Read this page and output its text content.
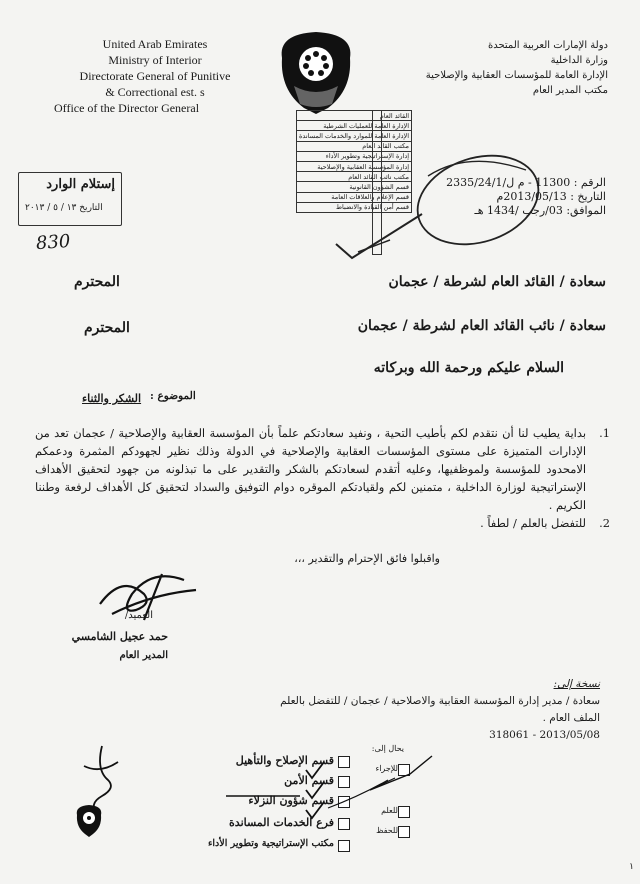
United Arab Emirates
Ministry of Interior
Directorate General of Punitive
& Correctional est. s
Office of the Director General
دولة الإمارات العربية المتحدة
وزارة الداخلية
الإدارة العامة للمؤسسات العقابية والإصلاحية
مكتب المدير العام
القائد العام
الإدارة العامة للعمليات الشرطية
الإدارة العامة للموارد والخدمات المساندة
مكتب القائد العام
إدارة الإستراتيجية وتطوير الأداء
إدارة المؤسسة العقابية والإصلاحية
مكتب نائب القائد العام
قسم الشؤون القانونية
قسم الإعلام والعلاقات العامة
قسم أمن القيادة والانضباط
إستلام الوارد
التاريخ ١٣ / ٥ / ٢٠١٣
830
الرقم : 11300 - م ل/2335/24/1
التاريخ : 2013/05/13م
الموافق: 03/رجب /1434 هـ
سعادة / القائد العام لشرطة / عجمان
المحترم
سعادة / نائب القائد العام لشرطة / عجمان
المحترم
السلام عليكم ورحمة الله وبركاته
الموضوع :
الشكر والثناء
1.
بداية يطيب لنا أن نتقدم لكم بأطيب التحية ، ونفيد سعادتكم علماً بأن المؤسسة العقابية والإصلاحية / عجمان تعد من الإدارات المتميزة على مستوى المؤسسات العقابية والإصلاحية في الدولة وذلك نظير لجهودكم المثمرة ودعمكم الامحدود للمؤسسة ولموظفيها، وعليه أتقدم لسعادتكم بالشكر والتقدير على ما تبذلونه من جهود لتحقيق الأهداف الإستراتيجية لوزارة الداخلية ، متمنين لكم ولقيادتكم الموقره دوام التوفيق والسداد لتحقيق كل الأهداف لرفعة وطننا الكريم .
2.
للتفضل بالعلم / لطفاً .
واقبلوا فائق الإحترام والتقدير ،،،
العميد/
حمد عجيل الشامسي
المدير العام
نسخة إلى:
سعادة / مدير إدارة المؤسسة العقابية والاصلاحية / عجمان / للتفضل بالعلم
الملف العام .
2013/05/08 - 318061
يحال إلى:
قسم الإصلاح والتأهيل
قسم الأمن
قسم شؤون النزلاء
فرع الخدمات المساندة
مكتب الإستراتيجية وتطوير الأداء
للإجراء
للعلم
للحفظ
١
